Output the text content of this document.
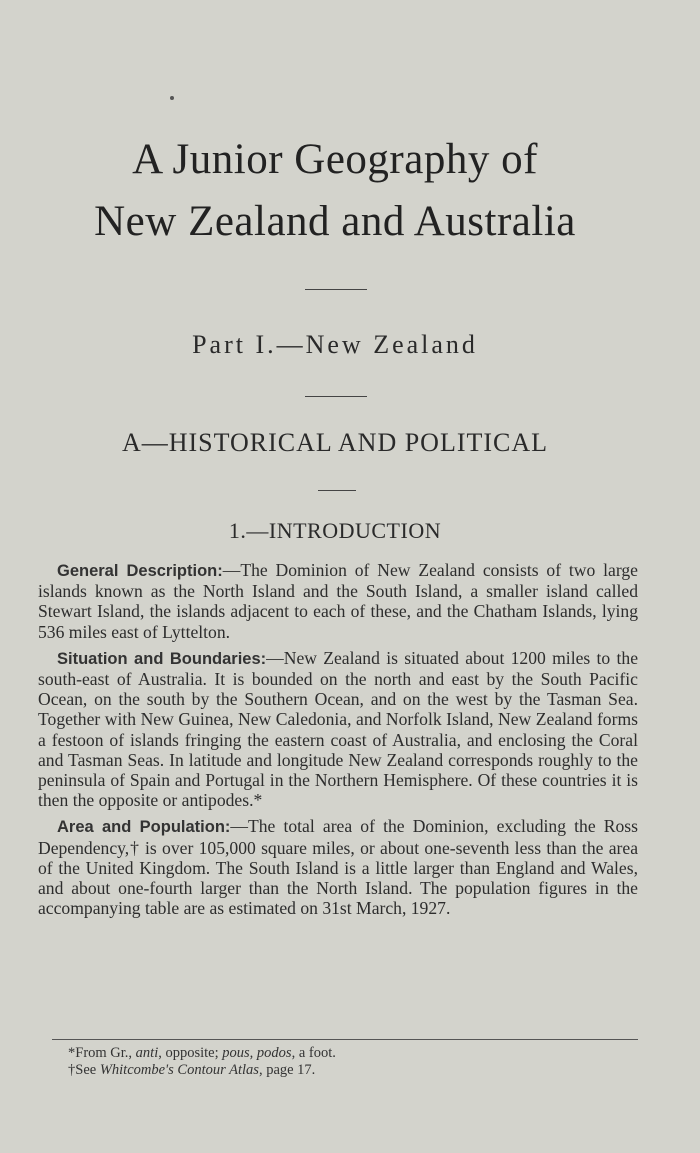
A Junior Geography of
New Zealand and Australia
Part I.—New Zealand
A—HISTORICAL AND POLITICAL
1.—INTRODUCTION

General Description:—The Dominion of New Zealand consists of two large islands known as the North Island and the South Island, a smaller island called Stewart Island, the islands adjacent to each of these, and the Chatham Islands, lying 536 miles east of Lyttelton.

Situation and Boundaries:—New Zealand is situated about 1200 miles to the south-east of Australia. It is bounded on the north and east by the South Pacific Ocean, on the south by the Southern Ocean, and on the west by the Tasman Sea. Together with New Guinea, New Caledonia, and Norfolk Island, New Zealand forms a festoon of islands fringing the eastern coast of Australia, and enclosing the Coral and Tasman Seas. In latitude and longitude New Zealand corresponds roughly to the peninsula of Spain and Portugal in the Northern Hemisphere. Of these countries it is then the opposite or antipodes.*

Area and Population:—The total area of the Dominion, excluding the Ross Dependency,† is over 105,000 square miles, or about one-seventh less than the area of the United Kingdom. The South Island is a little larger than England and Wales, and about one-fourth larger than the North Island. The population figures in the accompanying table are as estimated on 31st March, 1927.

*From Gr., anti, opposite; pous, podos, a foot.
†See Whitcombe's Contour Atlas, page 17.
